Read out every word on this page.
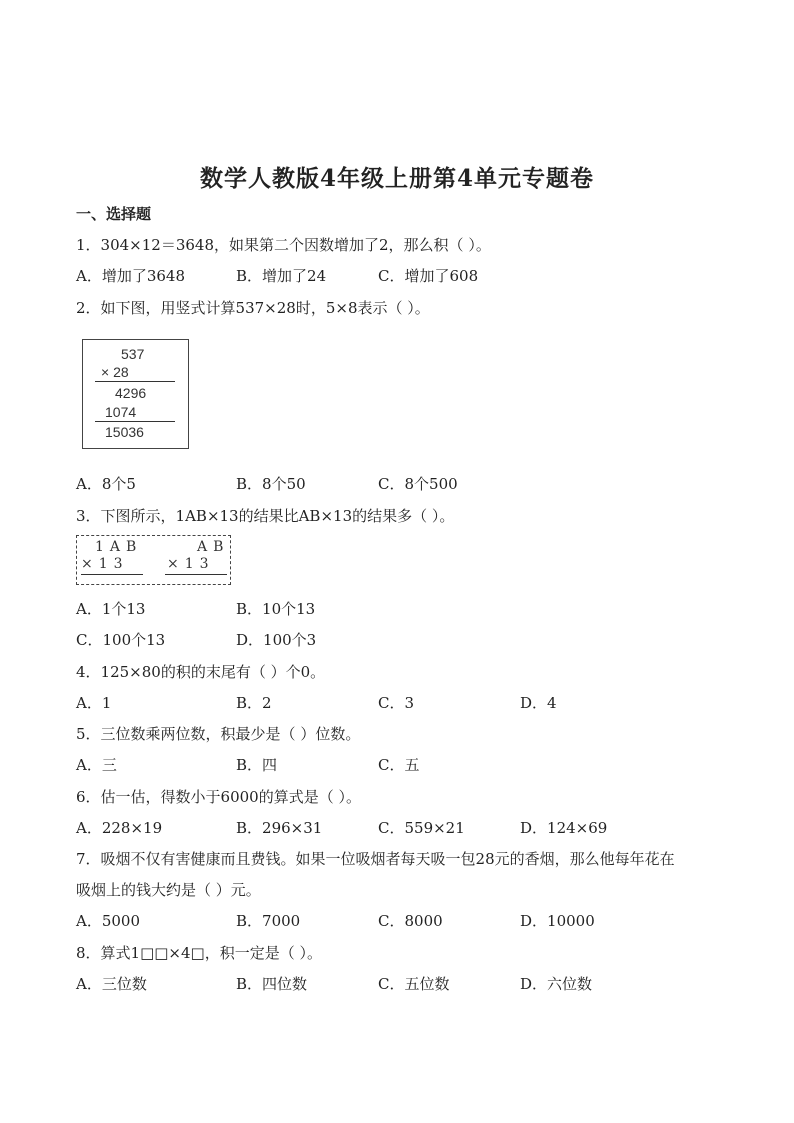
数学人教版4年级上册第4单元专题卷
一、选择题
1．304×12＝3648，如果第二个因数增加了2，那么积（ ）。
A．增加了3648	B．增加了24	C．增加了608
2．如下图，用竖式计算537×28时，5×8表示（ ）。
537
× 28
4296
1074
15036
A．8个5	B．8个50	C．8个500
3．下图所示，1AB×13的结果比AB×13的结果多（ ）。
1AB
×13
AB
×13
A．1个13	B．10个13
C．100个13	D．100个3
4．125×80的积的末尾有（ ）个0。
A．1	B．2	C．3	D．4
5．三位数乘两位数，积最少是（ ）位数。
A．三	B．四	C．五
6．估一估，得数小于6000的算式是（ ）。
A．228×19	B．296×31	C．559×21	D．124×69
7．吸烟不仅有害健康而且费钱。如果一位吸烟者每天吸一包28元的香烟，那么他每年花在
吸烟上的钱大约是（ ）元。
A．5000	B．7000	C．8000	D．10000
8．算式1□□×4□，积一定是（ ）。
A．三位数	B．四位数	C．五位数	D．六位数
